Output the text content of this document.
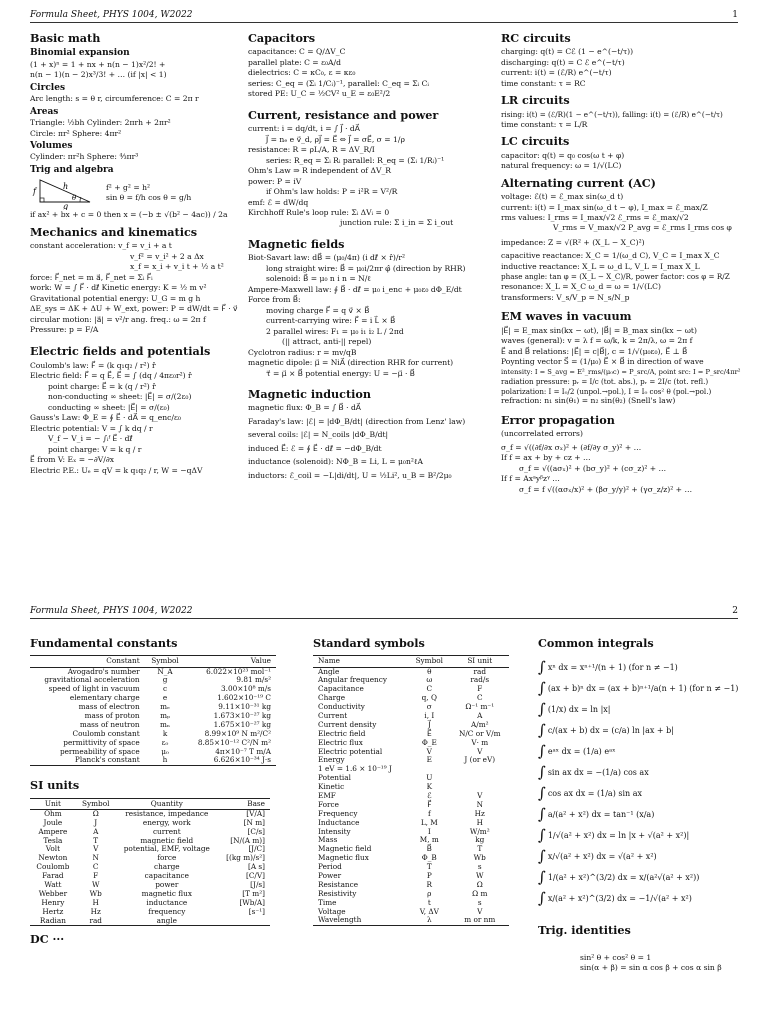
Formula Sheet, PHYS 1004, W2022	1
Basic math
Binomial expansion
(1 + x)ⁿ = 1 + nx + n(n − 1)x²/2! +
n(n − 1)(n − 2)x³/3! + … (if |x| < 1)
Circles
Arc length: s = θ r, circumference: C = 2π r
Areas
Triangle: ½bh Cylinder: 2πrh + 2πr²
Circle: πr² Sphere: 4πr²
Volumes
Cylinder: πr²h Sphere: ⁴⁄₃πr³
Trig and algebra
f
h
g
θ
f² + g² = h²
sin θ = f/h cos θ = g/h
if ax² + bx + c = 0 then x = (−b ± √(b² − 4ac)) / 2a
Mechanics and kinematics
constant acceleration: v_f = v_i + a t
v_f² = v_i² + 2 a Δx
x_f = x_i + v_i t + ½ a t²
force: F⃗_net = m a⃗, F⃗_net = Σᵢ F⃗ᵢ
work: W = ∫ F⃗ · dℓ⃗ Kinetic energy: K = ½ m v²
Gravitational potential energy: U_G = m g h
ΔE_sys = ΔK + ΔU + W_ext, power: P = dW/dt = F⃗ · v⃗
circular motion: |a⃗| = v²/r ang. freq.: ω = 2π f
Pressure: p = F/A
Electric fields and potentials
Coulomb's law: F⃗ = (k q₁q₂ / r²) r̂
Electric field: F⃗ = q E⃗, E⃗ = ∫ (dq / 4πε₀r²) r̂
point charge: E⃗ = k (q / r²) r̂
non-conducting ∞ sheet: |E⃗| = σ/(2ε₀)
conducting ∞ sheet: |E⃗| = σ/(ε₀)
Gauss's Law: Φ_E = ∮ E⃗ · dA⃗ = q_enc/ε₀
Electric potential: V = ∫ k dq / r
V_f − V_i = − ∫ᵢᶠ E⃗ · dℓ⃗
point charge: V = k q / r
E⃗ from V: Eₓ = −∂V/∂x
Electric P.E.: Uₑ = qV = k q₁q₂ / r, W = −qΔV
Capacitors
capacitance: C = Q/ΔV_C
parallel plate: C = ε₀A/d
dielectrics: C = κC₀, ε = κε₀
series: C_eq = (Σᵢ 1/Cᵢ)⁻¹, parallel: C_eq = Σᵢ Cᵢ
stored PE: U_C = ½CV² u_E = ε₀E²/2
Current, resistance and power
current: i = dq/dt, i = ∫ J⃗ · dA⃗
J⃗ = nₑ e v⃗_d, ρJ⃗ = E⃗ ⇔ J⃗ = σE⃗, σ = 1/ρ
resistance: R = ρL/A, R = ΔV_R/I
series: R_eq = Σᵢ Rᵢ parallel: R_eq = (Σᵢ 1/Rᵢ)⁻¹
Ohm's Law ⇒ R independent of ΔV_R
power: P = iV
if Ohm's law holds: P = i²R = V²/R
emf: ℰ = dW/dq
Kirchhoff Rule's loop rule: Σᵢ ΔVᵢ = 0
junction rule: Σ i_in = Σ i_out
Magnetic fields
Biot-Savart law: dB⃗ = (μ₀/4π) (i dℓ⃗ × r̂)/r²
long straight wire: B⃗ = μ₀i/2πr φ̂ (direction by RHR)
solenoid: B⃗ = μ₀ n i n = N/ℓ
Ampere-Maxwell law: ∮ B⃗ · dℓ⃗ = μ₀ i_enc + μ₀ε₀ dΦ_E/dt
Force from B⃗:
moving charge F⃗ = q v⃗ × B⃗
current-carrying wire: F⃗ = i L⃗ × B⃗
2 parallel wires: F₁ = μ₀ i₁ i₂ L / 2πd
(|| attract, anti-|| repel)
Cyclotron radius: r = mv/qB
magnetic dipole: μ⃗ = NiA⃗ (direction RHR for current)
τ⃗ = μ⃗ × B⃗ potential energy: U = −μ⃗ · B⃗
Magnetic induction
magnetic flux: Φ_B = ∫ B⃗ · dA⃗
Faraday's law: |ℰ| = |dΦ_B/dt| (direction from Lenz' law)
several coils: |ℰ| = N_coils |dΦ_B/dt|
induced E⃗: ℰ = ∮ E⃗ · dℓ⃗ = −dΦ_B/dt
inductance (solenoid): NΦ_B = Li, L = μ₀n²ℓA
inductors: ℰ_coil = −L|di/dt|, U = ½Li², u_B = B²/2μ₀
RC circuits
charging: q(t) = Cℰ (1 − e^(−t/τ))
discharging: q(t) = C ℰ e^(−t/τ)
current: i(t) = (ℰ/R) e^(−t/τ)
time constant: τ = RC
LR circuits
rising: i(t) = (ℰ/R)(1 − e^(−t/τ)), falling: i(t) = (ℰ/R) e^(−t/τ)
time constant: τ = L/R
LC circuits
capacitor: q(t) = q₀ cos(ω t + φ)
natural frequency: ω = 1/√(LC)
Alternating current (AC)
voltage: ℰ(t) = ℰ_max sin(ω_d t)
current: i(t) = I_max sin(ω_d t − φ), I_max = ℰ_max/Z
rms values: I_rms = I_max/√2 ℰ_rms = ℰ_max/√2
V_rms = V_max/√2 P_avg = ℰ_rms I_rms cos φ
impedance: Z = √(R² + (X_L − X_C)²)
capacitive reactance: X_C = 1/(ω_d C), V_C = I_max X_C
inductive reactance: X_L = ω_d L, V_L = I_max X_L
phase angle: tan φ = (X_L − X_C)/R, power factor: cos φ = R/Z
resonance: X_L = X_C ω_d = ω = 1/√(LC)
transformers: V_s/V_p = N_s/N_p
EM waves in vacuum
|E⃗| = E_max sin(kx − ωt), |B⃗| = B_max sin(kx − ωt)
waves (general): v = λ f = ω/k, k = 2π/λ, ω = 2π f
E⃗ and B⃗ relations: |E⃗| = c|B⃗|, c = 1/√(μ₀ε₀), E⃗ ⊥ B⃗
Poynting vector S⃗ = (1/μ₀) E⃗ × B⃗ in direction of wave
intensity: I = S_avg = E²_rms/(μ₀c) = P_src/A, point src: I = P_src/4πr²
radiation pressure: pᵣ = I/c (tot. abs.), pᵣ = 2I/c (tot. refl.)
polarization: I = I₀/2 (unpol.→pol.), I = I₀ cos² θ (pol.→pol.)
refraction: n₁ sin(θ₁) = n₂ sin(θ₂) (Snell's law)
Error propagation
(uncorrelated errors)
σ_f = √((∂f/∂x σₓ)² + (∂f/∂y σ_y)² + …
If f = ax + by + cz + …
σ_f = √((aσₓ)² + (bσ_y)² + (cσ_z)² + …
If f = Axᵃyᵝzᵞ …
σ_f = f √((ασₓ/x)² + (βσ_y/y)² + (γσ_z/z)² + …
Formula Sheet, PHYS 1004, W2022	2
Fundamental constants
Constant	Symbol	Value
Avogadro's number	N_A	6.022×10²³ mol⁻¹
gravitational acceleration	g	9.81 m/s²
speed of light in vacuum	c	3.00×10⁸ m/s
elementary charge	e	1.602×10⁻¹⁹ C
mass of electron	mₑ	9.11×10⁻³¹ kg
mass of proton	mₚ	1.673×10⁻²⁷ kg
mass of neutron	mₙ	1.675×10⁻²⁷ kg
Coulomb constant	k	8.99×10⁹ N m²/C²
permittivity of space	ε₀	8.85×10⁻¹² C²/N m²
permeability of space	μ₀	4π×10⁻⁷ T m/A
Planck's constant	h	6.626×10⁻³⁴ J·s
SI units
Unit	Symbol	Quantity	Base
Ohm	Ω	resistance, impedance	[V/A]
Joule	J	energy, work	[N m]
Ampere	A	current	[C/s]
Tesla	T	magnetic field	[N/(A m)]
Volt	V	potential, EMF, voltage	[J/C]
Newton	N	force	[(kg m)/s²]
Coulomb	C	charge	[A s]
Farad	F	capacitance	[C/V]
Watt	W	power	[J/s]
Webber	Wb	magnetic flux	[T m²]
Henry	H	inductance	[Wb/A]
Hertz	Hz	frequency	[s⁻¹]
Radian	rad	angle	
DC ···
Standard symbols
Name	Symbol	SI unit
Angle	θ	rad
Angular frequency	ω	rad/s
Capacitance	C	F
Charge	q, Q	C
Conductivity	σ	Ω⁻¹ m⁻¹
Current	i, I	A
Current density	J⃗	A/m²
Electric field	E⃗	N/C or V/m
Electric flux	Φ_E	V· m
Electric potential	V	V
Energy	E	J (or eV)
1 eV = 1.6 × 10⁻¹⁹ J		
Potential	U	
Kinetic	K	
EMF	ℰ	V
Force	F⃗	N
Frequency	f	Hz
Inductance	L, M	H
Intensity	I	W/m²
Mass	M, m	kg
Magnetic field	B⃗	T
Magnetic flux	Φ_B	Wb
Period	T	s
Power	P	W
Resistance	R	Ω
Resistivity	ρ	Ω m
Time	t	s
Voltage	V, ΔV	V
Wavelength	λ	m or nm
Common integrals
∫ xⁿ dx = xⁿ⁺¹/(n + 1) (for n ≠ −1)
∫ (ax + b)ⁿ dx = (ax + b)ⁿ⁺¹/a(n + 1) (for n ≠ −1)
∫ (1/x) dx = ln |x|
∫ c/(ax + b) dx = (c/a) ln |ax + b|
∫ eᵃˣ dx = (1/a) eᵃˣ
∫ sin ax dx = −(1/a) cos ax
∫ cos ax dx = (1/a) sin ax
∫ a/(a² + x²) dx = tan⁻¹ (x/a)
∫ 1/√(a² + x²) dx = ln |x + √(a² + x²)|
∫ x/√(a² + x²) dx = √(a² + x²)
∫ 1/(a² + x²)^(3/2) dx = x/(a²√(a² + x²))
∫ x/(a² + x²)^(3/2) dx = −1/√(a² + x²)
Trig. identities
sin² θ + cos² θ = 1
sin(α + β) = sin α cos β + cos α sin β
